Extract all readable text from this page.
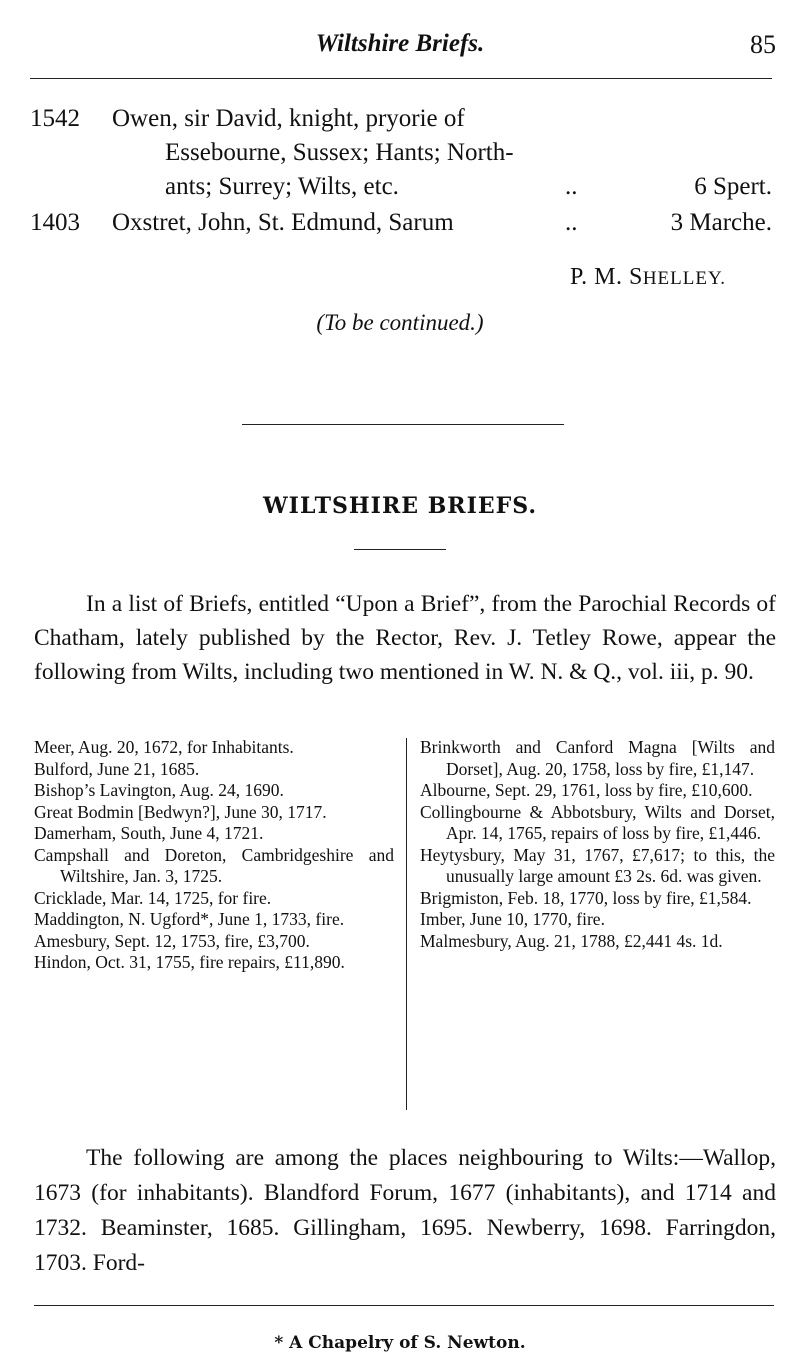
Wiltshire Briefs.	85
1542 Owen, sir David, knight, pryorie of
Essebourne, Sussex; Hants; North-
ants; Surrey; Wilts, etc.	..	6 Spert.
1403 Oxstret, John, St. Edmund, Sarum	..	3 Marche.
P. M. SHELLEY.
(To be continued.)
WILTSHIRE BRIEFS.
In a list of Briefs, entitled “Upon a Brief”, from the Parochial Records of Chatham, lately published by the Rector, Rev. J. Tetley Rowe, appear the following from Wilts, including two mentioned in W. N. & Q., vol. iii, p. 90.
Meer, Aug. 20, 1672, for Inhabitants.
Bulford, June 21, 1685.
Bishop’s Lavington, Aug. 24, 1690.
Great Bodmin [Bedwyn?], June 30, 1717.
Damerham, South, June 4, 1721.
Campshall and Doreton, Cambridgeshire and Wiltshire, Jan. 3, 1725.
Cricklade, Mar. 14, 1725, for fire.
Maddington, N. Ugford*, June 1, 1733, fire.
Amesbury, Sept. 12, 1753, fire, £3,700.
Hindon, Oct. 31, 1755, fire repairs, £11,890.
Brinkworth and Canford Magna [Wilts and Dorset], Aug. 20, 1758, loss by fire, £1,147.
Albourne, Sept. 29, 1761, loss by fire, £10,600.
Collingbourne & Abbotsbury, Wilts and Dorset, Apr. 14, 1765, repairs of loss by fire, £1,446.
Heytysbury, May 31, 1767, £7,617; to this, the unusually large amount £3 2s. 6d. was given.
Brigmiston, Feb. 18, 1770, loss by fire, £1,584.
Imber, June 10, 1770, fire.
Malmesbury, Aug. 21, 1788, £2,441 4s. 1d.
The following are among the places neighbouring to Wilts:—Wallop, 1673 (for inhabitants). Blandford Forum, 1677 (inhabitants), and 1714 and 1732. Beaminster, 1685. Gillingham, 1695. Newberry, 1698. Farringdon, 1703. Ford-
* A Chapelry of S. Newton.
